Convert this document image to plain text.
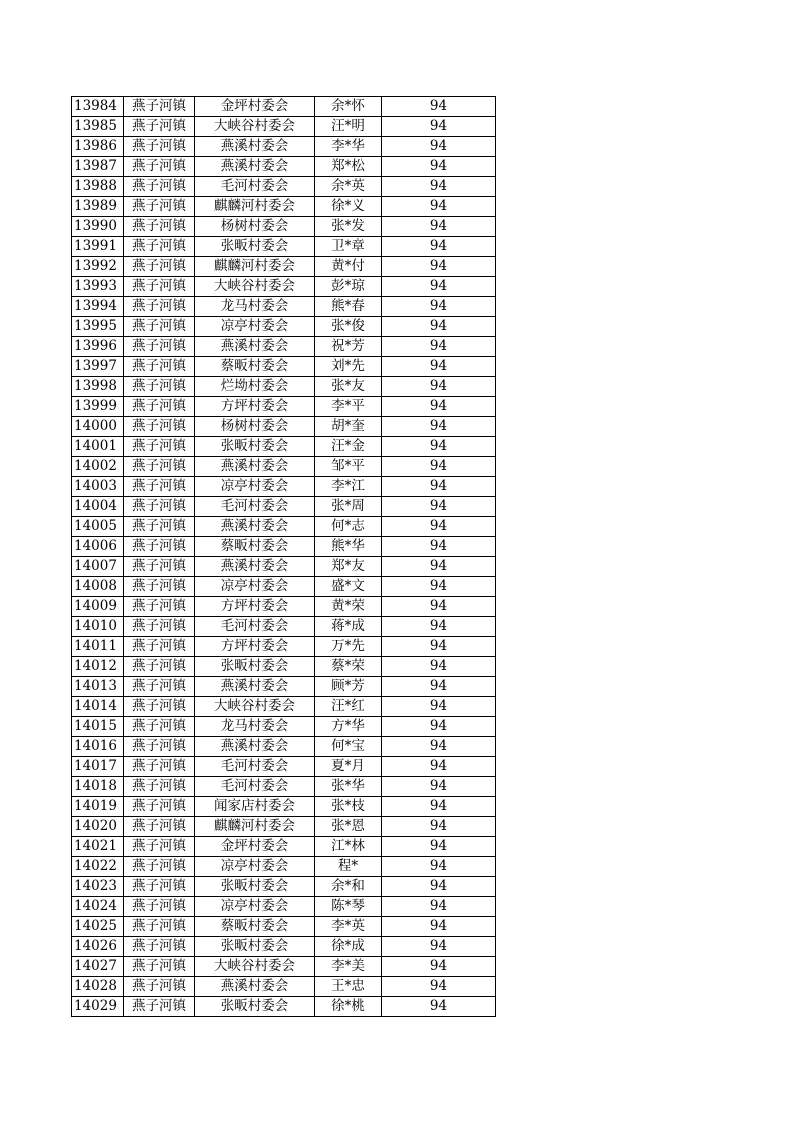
13984	燕子河镇	金坪村委会	余*怀	94
13985	燕子河镇	大峡谷村委会	汪*明	94
13986	燕子河镇	燕溪村委会	李*华	94
13987	燕子河镇	燕溪村委会	郑*松	94
13988	燕子河镇	毛河村委会	余*英	94
13989	燕子河镇	麒麟河村委会	徐*义	94
13990	燕子河镇	杨树村委会	张*发	94
13991	燕子河镇	张畈村委会	卫*章	94
13992	燕子河镇	麒麟河村委会	黄*付	94
13993	燕子河镇	大峡谷村委会	彭*琼	94
13994	燕子河镇	龙马村委会	熊*春	94
13995	燕子河镇	凉亭村委会	张*俊	94
13996	燕子河镇	燕溪村委会	祝*芳	94
13997	燕子河镇	蔡畈村委会	刘*先	94
13998	燕子河镇	烂坳村委会	张*友	94
13999	燕子河镇	方坪村委会	李*平	94
14000	燕子河镇	杨树村委会	胡*奎	94
14001	燕子河镇	张畈村委会	汪*金	94
14002	燕子河镇	燕溪村委会	邹*平	94
14003	燕子河镇	凉亭村委会	李*江	94
14004	燕子河镇	毛河村委会	张*周	94
14005	燕子河镇	燕溪村委会	何*志	94
14006	燕子河镇	蔡畈村委会	熊*华	94
14007	燕子河镇	燕溪村委会	郑*友	94
14008	燕子河镇	凉亭村委会	盛*文	94
14009	燕子河镇	方坪村委会	黄*荣	94
14010	燕子河镇	毛河村委会	蒋*成	94
14011	燕子河镇	方坪村委会	万*先	94
14012	燕子河镇	张畈村委会	蔡*荣	94
14013	燕子河镇	燕溪村委会	顾*芳	94
14014	燕子河镇	大峡谷村委会	汪*红	94
14015	燕子河镇	龙马村委会	方*华	94
14016	燕子河镇	燕溪村委会	何*宝	94
14017	燕子河镇	毛河村委会	夏*月	94
14018	燕子河镇	毛河村委会	张*华	94
14019	燕子河镇	闻家店村委会	张*枝	94
14020	燕子河镇	麒麟河村委会	张*恩	94
14021	燕子河镇	金坪村委会	江*林	94
14022	燕子河镇	凉亭村委会	程*	94
14023	燕子河镇	张畈村委会	余*和	94
14024	燕子河镇	凉亭村委会	陈*琴	94
14025	燕子河镇	蔡畈村委会	李*英	94
14026	燕子河镇	张畈村委会	徐*成	94
14027	燕子河镇	大峡谷村委会	李*美	94
14028	燕子河镇	燕溪村委会	王*忠	94
14029	燕子河镇	张畈村委会	徐*桃	94
